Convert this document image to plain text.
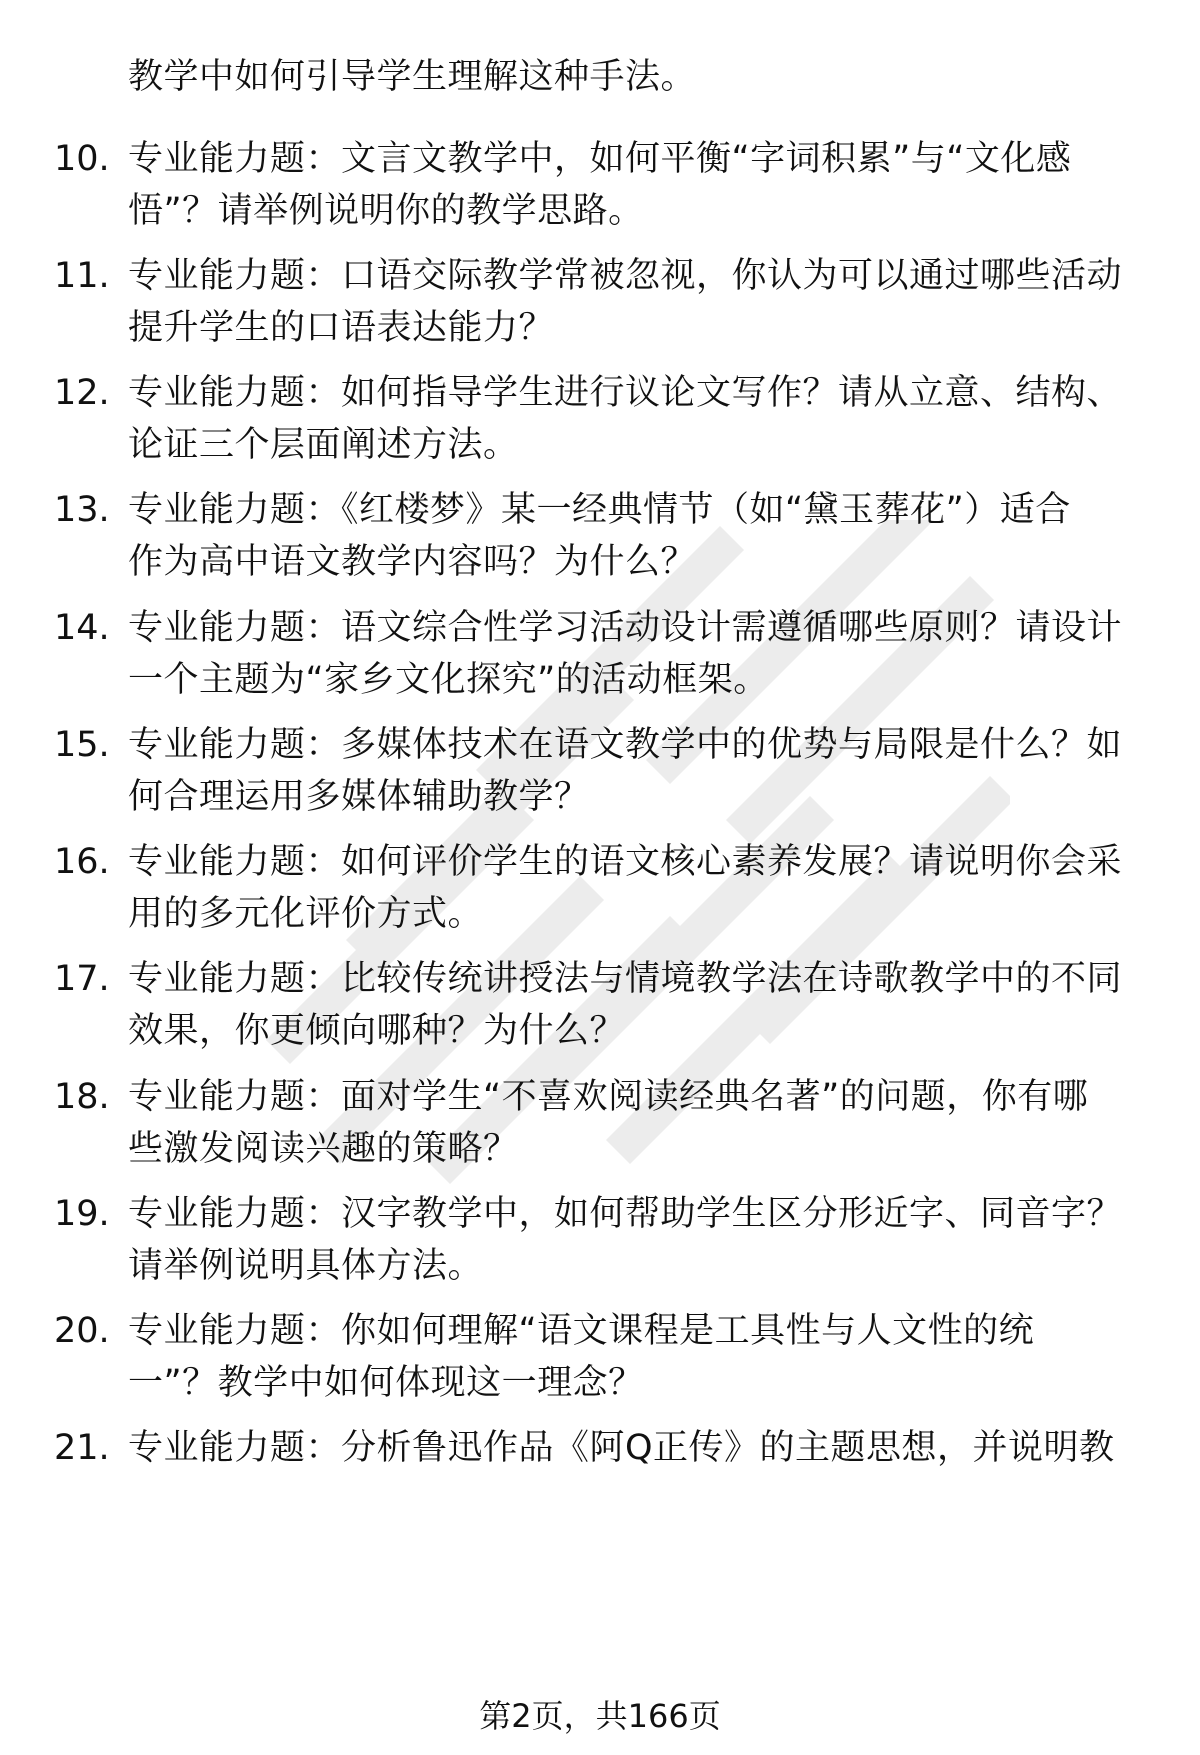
教学中如何引导学生理解这种手法。
10. 专业能力题：文言文教学中，如何平衡“字词积累”与“文化感
悟”？请举例说明你的教学思路。
11. 专业能力题：口语交际教学常被忽视，你认为可以通过哪些活动
提升学生的口语表达能力？
12. 专业能力题：如何指导学生进行议论文写作？请从立意、结构、
论证三个层面阐述方法。
13. 专业能力题：《红楼梦》某一经典情节（如“黛玉葬花”）适合
作为高中语文教学内容吗？为什么？
14. 专业能力题：语文综合性学习活动设计需遵循哪些原则？请设计
一个主题为“家乡文化探究”的活动框架。
15. 专业能力题：多媒体技术在语文教学中的优势与局限是什么？如
何合理运用多媒体辅助教学？
16. 专业能力题：如何评价学生的语文核心素养发展？请说明你会采
用的多元化评价方式。
17. 专业能力题：比较传统讲授法与情境教学法在诗歌教学中的不同
效果，你更倾向哪种？为什么？
18. 专业能力题：面对学生“不喜欢阅读经典名著”的问题，你有哪
些激发阅读兴趣的策略？
19. 专业能力题：汉字教学中，如何帮助学生区分形近字、同音字？
请举例说明具体方法。
20. 专业能力题：你如何理解“语文课程是工具性与人文性的统
一”？教学中如何体现这一理念？
21. 专业能力题：分析鲁迅作品《阿Q正传》的主题思想，并说明教
第2页，共166页
